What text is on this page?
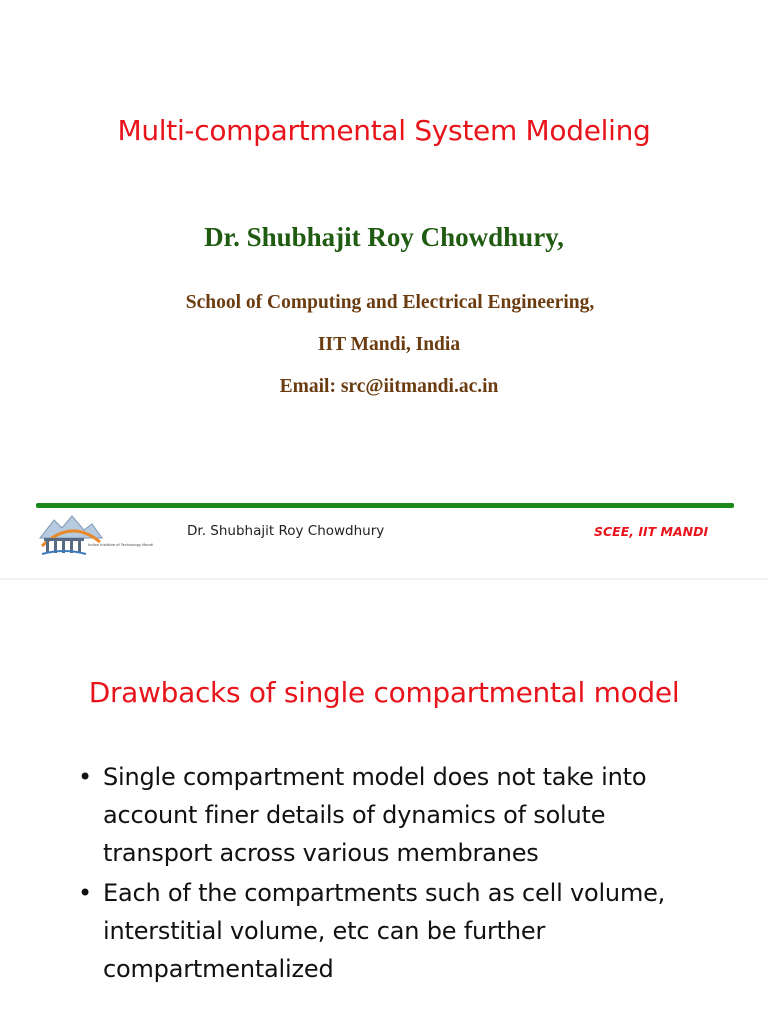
Multi-compartmental System Modeling
Dr. Shubhajit Roy Chowdhury,
School of Computing and Electrical Engineering,
IIT Mandi, India
Email: src@iitmandi.ac.in
Indian Institute of Technology Mandi
Dr. Shubhajit Roy Chowdhury	SCEE, IIT MANDI
Drawbacks of single compartmental model
• Single compartment model does not take into account finer details of dynamics of solute transport across various membranes
• Each of the compartments such as cell volume, interstitial volume, etc can be further compartmentalized
